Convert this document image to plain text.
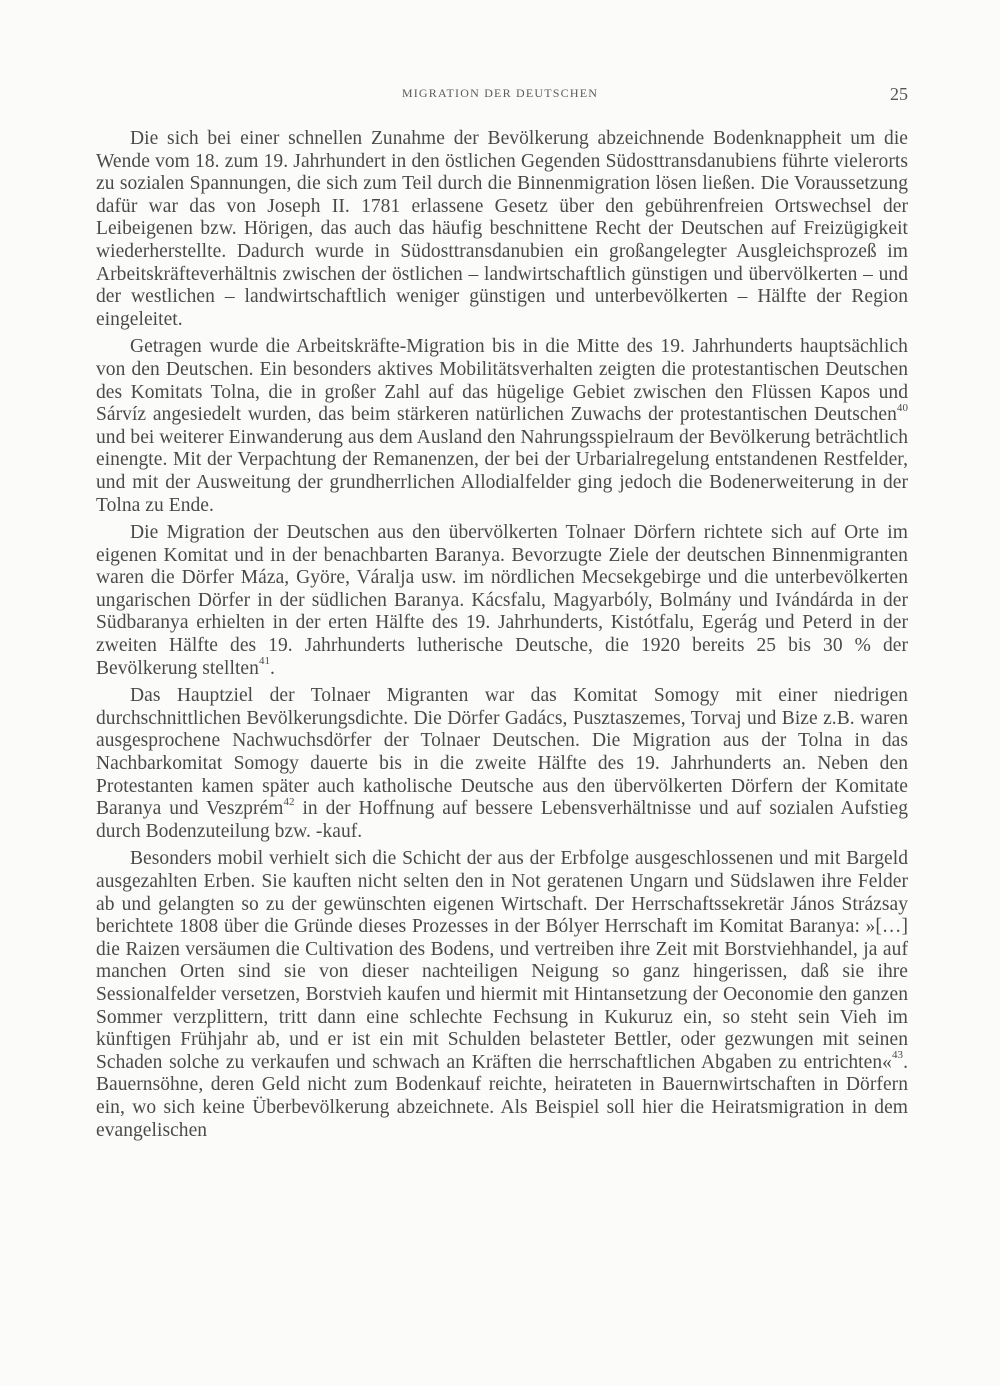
MIGRATION DER DEUTSCHEN	25

Die sich bei einer schnellen Zunahme der Bevölkerung abzeichnende Bodenknappheit um die Wende vom 18. zum 19. Jahrhundert in den östlichen Gegenden Südosttransdanubiens führte vielerorts zu sozialen Spannungen, die sich zum Teil durch die Binnenmigration lösen ließen. Die Voraussetzung dafür war das von Joseph II. 1781 erlassene Gesetz über den gebührenfreien Ortswechsel der Leibeigenen bzw. Hörigen, das auch das häufig beschnittene Recht der Deutschen auf Freizügigkeit wiederherstellte. Dadurch wurde in Südosttransdanubien ein großangelegter Ausgleichsprozeß im Arbeitskräfteverhältnis zwischen der östlichen – landwirtschaftlich günstigen und übervölkerten – und der westlichen – landwirtschaftlich weniger günstigen und unterbevölkerten – Hälfte der Region eingeleitet.

Getragen wurde die Arbeitskräfte-Migration bis in die Mitte des 19. Jahrhunderts hauptsächlich von den Deutschen. Ein besonders aktives Mobilitätsverhalten zeigten die protestantischen Deutschen des Komitats Tolna, die in großer Zahl auf das hügelige Gebiet zwischen den Flüssen Kapos und Sárvíz angesiedelt wurden, das beim stärkeren natürlichen Zuwachs der protestantischen Deutschen$^{40}$ und bei weiterer Einwanderung aus dem Ausland den Nahrungsspielraum der Bevölkerung beträchtlich einengte. Mit der Verpachtung der Remanenzen, der bei der Urbarialregelung entstandenen Restfelder, und mit der Ausweitung der grundherrlichen Allodialfelder ging jedoch die Bodenerweiterung in der Tolna zu Ende.

Die Migration der Deutschen aus den übervölkerten Tolnaer Dörfern richtete sich auf Orte im eigenen Komitat und in der benachbarten Baranya. Bevorzugte Ziele der deutschen Binnenmigranten waren die Dörfer Máza, Györe, Váralja usw. im nördlichen Mecsekgebirge und die unterbevölkerten ungarischen Dörfer in der südlichen Baranya. Kácsfalu, Magyarbóly, Bolmány und Ivándárda in der Südbaranya erhielten in der erten Hälfte des 19. Jahrhunderts, Kistótfalu, Egerág und Peterd in der zweiten Hälfte des 19. Jahrhunderts lutherische Deutsche, die 1920 bereits 25 bis 30 % der Bevölkerung stellten$^{41}$.

Das Hauptziel der Tolnaer Migranten war das Komitat Somogy mit einer niedrigen durchschnittlichen Bevölkerungsdichte. Die Dörfer Gadács, Pusztaszemes, Torvaj und Bize z.B. waren ausgesprochene Nachwuchsdörfer der Tolnaer Deutschen. Die Migration aus der Tolna in das Nachbarkomitat Somogy dauerte bis in die zweite Hälfte des 19. Jahrhunderts an. Neben den Protestanten kamen später auch katholische Deutsche aus den übervölkerten Dörfern der Komitate Baranya und Veszprém$^{42}$ in der Hoffnung auf bessere Lebensverhältnisse und auf sozialen Aufstieg durch Bodenzuteilung bzw. -kauf.

Besonders mobil verhielt sich die Schicht der aus der Erbfolge ausgeschlossenen und mit Bargeld ausgezahlten Erben. Sie kauften nicht selten den in Not geratenen Ungarn und Südslawen ihre Felder ab und gelangten so zu der gewünschten eigenen Wirtschaft. Der Herrschaftssekretär János Strázsay berichtete 1808 über die Gründe dieses Prozesses in der Bólyer Herrschaft im Komitat Baranya: »[…] die Raizen versäumen die Cultivation des Bodens, und vertreiben ihre Zeit mit Borstviehhandel, ja auf manchen Orten sind sie von dieser nachteiligen Neigung so ganz hingerissen, daß sie ihre Sessionalfelder versetzen, Borstvieh kaufen und hiermit mit Hintansetzung der Oeconomie den ganzen Sommer verzplittern, tritt dann eine schlechte Fechsung in Kukuruz ein, so steht sein Vieh im künftigen Frühjahr ab, und er ist ein mit Schulden belasteter Bettler, oder gezwungen mit seinen Schaden solche zu verkaufen und schwach an Kräften die herrschaftlichen Abgaben zu entrichten«$^{43}$. Bauernsöhne, deren Geld nicht zum Bodenkauf reichte, heirateten in Bauernwirtschaften in Dörfern ein, wo sich keine Überbevölkerung abzeichnete. Als Beispiel soll hier die Heiratsmigration in dem evangelischen
